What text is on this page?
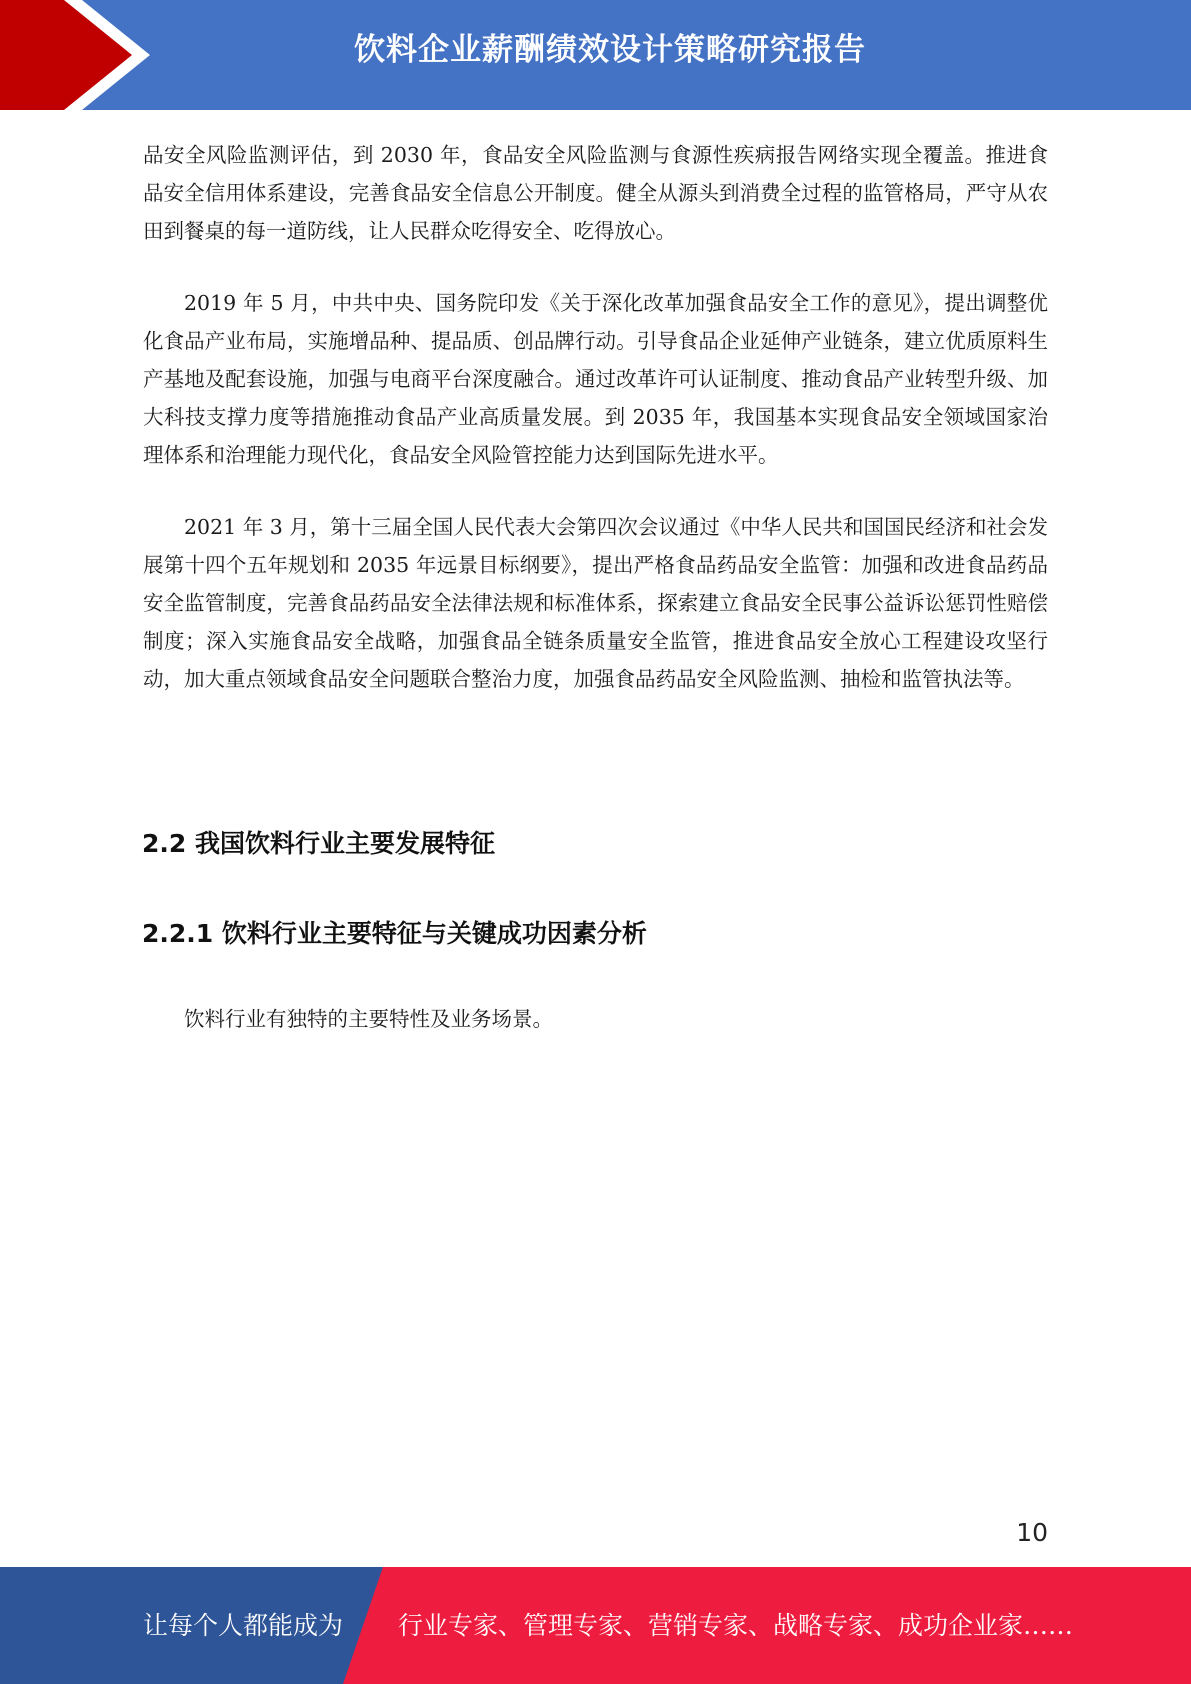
饮料企业薪酬绩效设计策略研究报告

品安全风险监测评估，到 2030 年，食品安全风险监测与食源性疾病报告网络实现全覆盖。推进食品安全信用体系建设，完善食品安全信息公开制度。健全从源头到消费全过程的监管格局，严守从农田到餐桌的每一道防线，让人民群众吃得安全、吃得放心。

2019 年 5 月，中共中央、国务院印发《关于深化改革加强食品安全工作的意见》，提出调整优化食品产业布局，实施增品种、提品质、创品牌行动。引导食品企业延伸产业链条，建立优质原料生产基地及配套设施，加强与电商平台深度融合。通过改革许可认证制度、推动食品产业转型升级、加大科技支撑力度等措施推动食品产业高质量发展。到 2035 年，我国基本实现食品安全领域国家治理体系和治理能力现代化，食品安全风险管控能力达到国际先进水平。

2021 年 3 月，第十三届全国人民代表大会第四次会议通过《中华人民共和国国民经济和社会发展第十四个五年规划和 2035 年远景目标纲要》，提出严格食品药品安全监管：加强和改进食品药品安全监管制度，完善食品药品安全法律法规和标准体系，探索建立食品安全民事公益诉讼惩罚性赔偿制度；深入实施食品安全战略，加强食品全链条质量安全监管，推进食品安全放心工程建设攻坚行动，加大重点领域食品安全问题联合整治力度，加强食品药品安全风险监测、抽检和监管执法等。

2.2 我国饮料行业主要发展特征
2.2.1 饮料行业主要特征与关键成功因素分析

饮料行业有独特的主要特性及业务场景。

10
让每个人都能成为 行业专家、管理专家、营销专家、战略专家、成功企业家……
